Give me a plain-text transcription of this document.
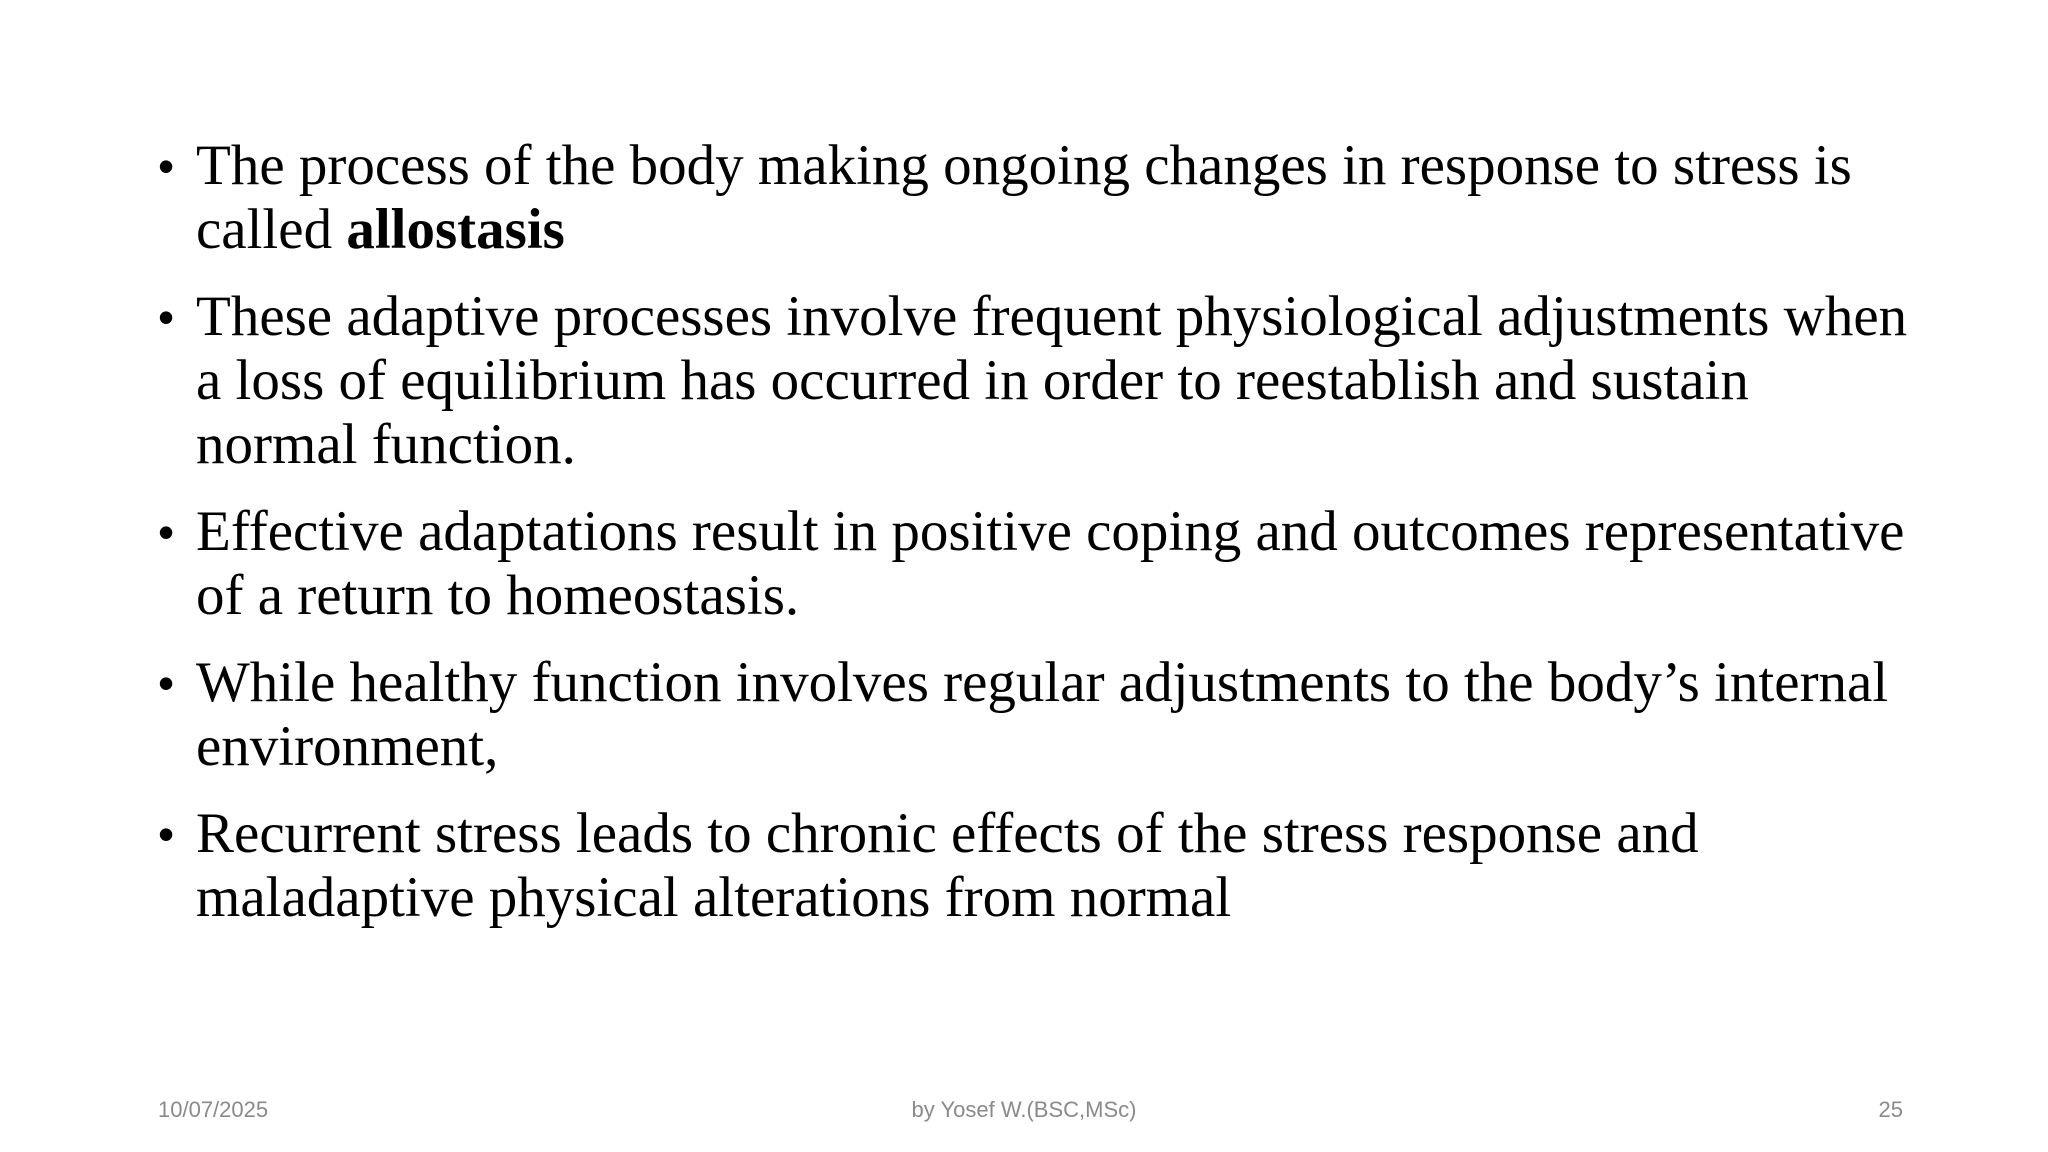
• The process of the body making ongoing changes in response to stress is called allostasis
• These adaptive processes involve frequent physiological adjustments when a loss of equilibrium has occurred in order to reestablish and sustain normal function.
• Effective adaptations result in positive coping and outcomes representative of a return to homeostasis.
• While healthy function involves regular adjustments to the body’s internal environment,
• Recurrent stress leads to chronic effects of the stress response and maladaptive physical alterations from normal
10/07/2025	by Yosef W.(BSC,MSc)	25
